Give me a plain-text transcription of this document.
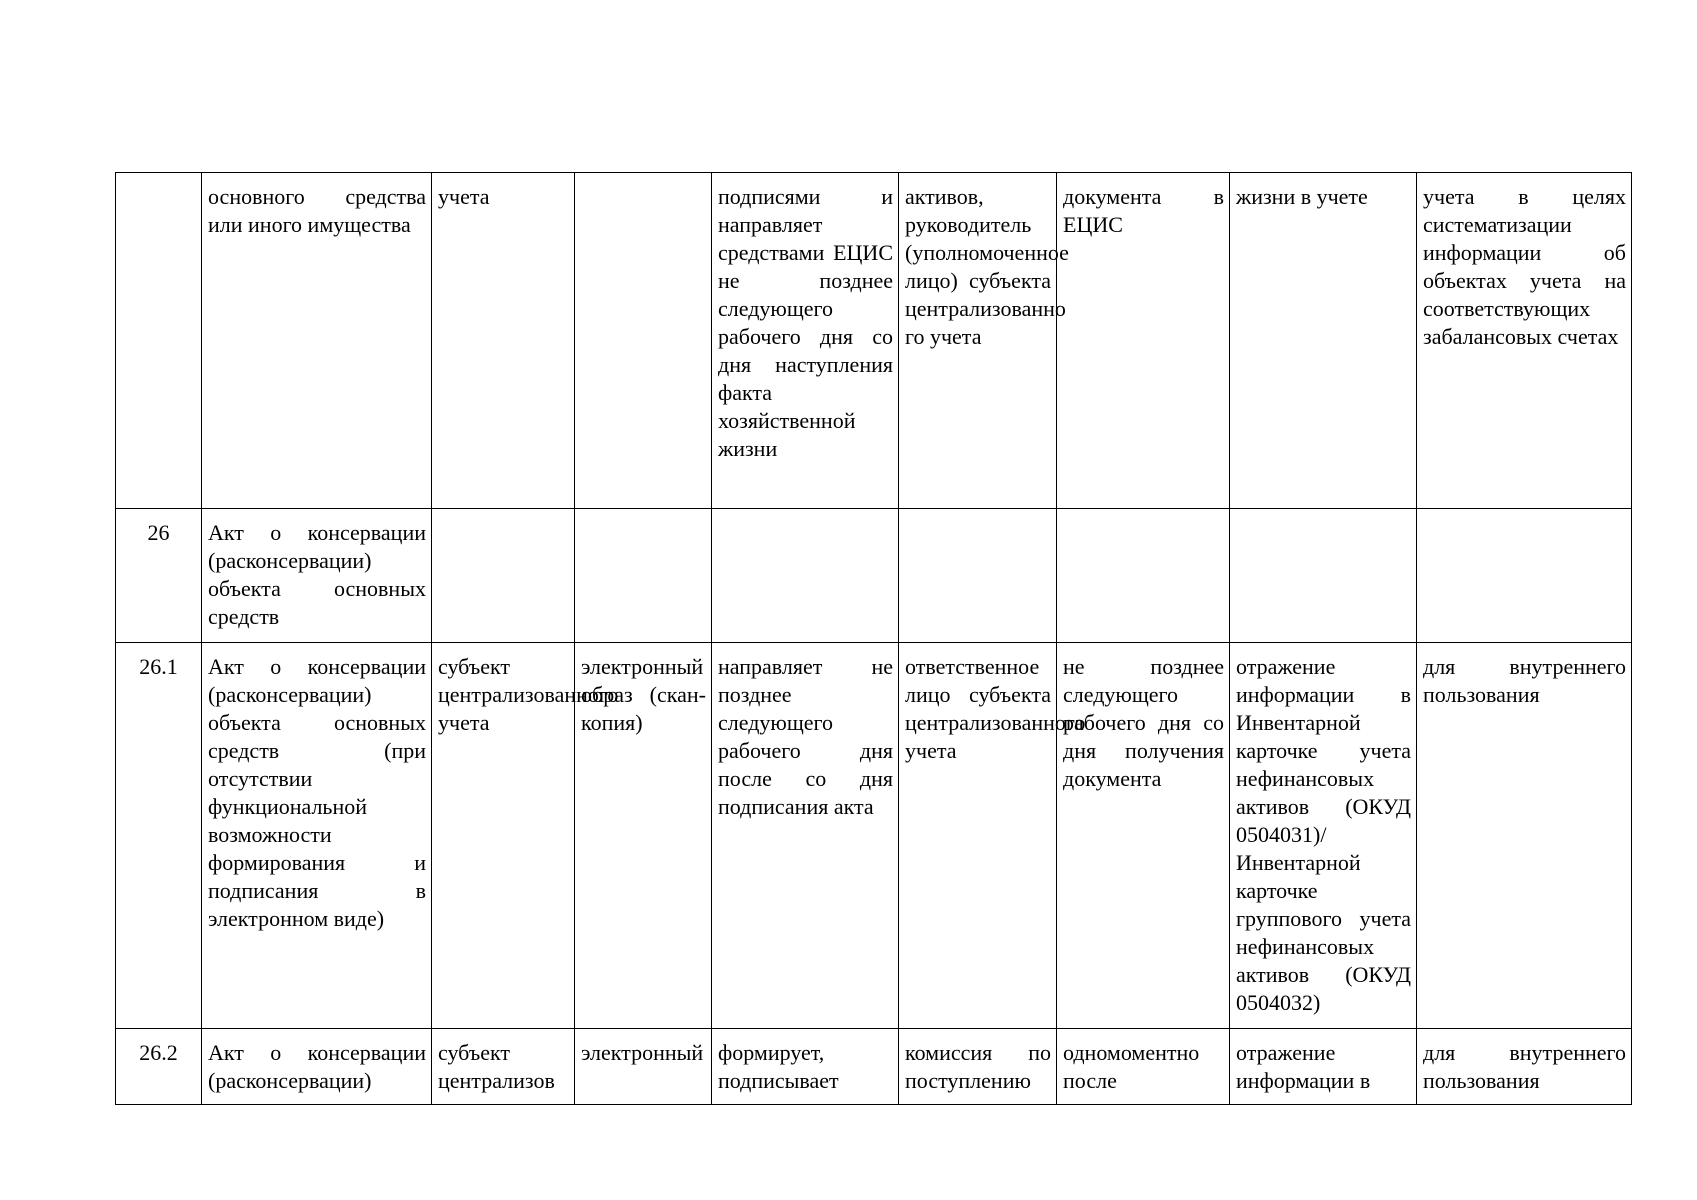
	основного средства или иного имущества	учета		подписями и направляет средствами ЕЦИС не позднее следующего рабочего дня со дня наступления факта хозяйственной жизни	активов, руководитель (уполномоченное лицо) субъекта централизованно го учета	документа в ЕЦИС	жизни в учете	учета в целях систематизации информации об объектах учета на соответствующих забалансовых счетах
26	Акт о консервации (расконсервации) объекта основных средств							
26.1	Акт о консервации (расконсервации) объекта основных средств (при отсутствии функциональной возможности формирования и подписания в электронном виде)	субъект централизованного учета	электронный образ (скан-копия)	направляет не позднее следующего рабочего дня после со дня подписания акта	ответственное лицо субъекта централизованного учета	не позднее следующего рабочего дня со дня получения документа	отражение информации в Инвентарной карточке учета нефинансовых активов (ОКУД 0504031)/Инвентарной карточке группового учета нефинансовых активов (ОКУД 0504032)	для внутреннего пользования
26.2	Акт о консервации (расконсервации)	субъект централизов	электронный	формирует, подписывает	комиссия по поступлению	одномоментно после	отражение информации в	для внутреннего пользования
